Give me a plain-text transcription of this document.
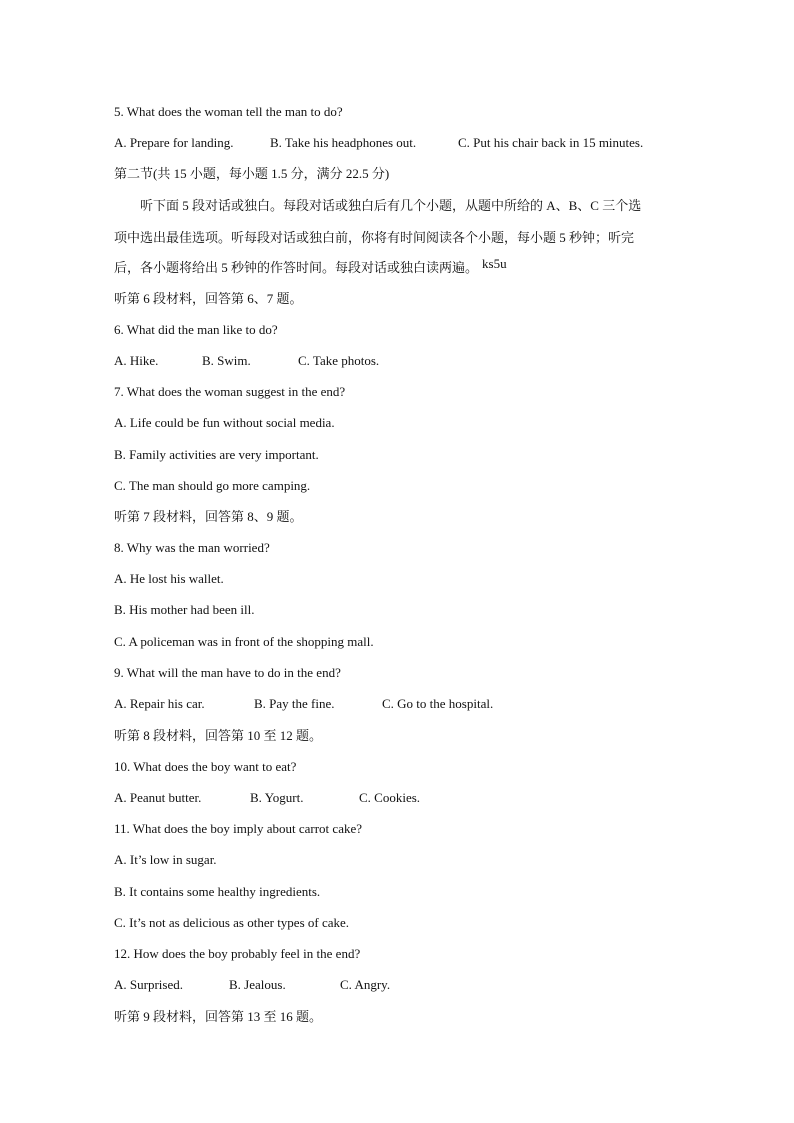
5. What does the woman tell the man to do?
A. Prepare for landing.	B. Take his headphones out.	C. Put his chair back in 15 minutes.
第二节(共 15 小题，每小题 1.5 分，满分 22.5 分)
听下面 5 段对话或独白。每段对话或独白后有几个小题，从题中所给的 A、B、C 三个选
项中选出最佳选项。听每段对话或独白前，你将有时间阅读各个小题，每小题 5 秒钟；听完
后，各小题将给出 5 秒钟的作答时间。每段对话或独白读两遍。 ks5u
听第 6 段材料，回答第 6、7 题。
6. What did the man like to do?
A. Hike.	B. Swim.	C. Take photos.
7. What does the woman suggest in the end?
A. Life could be fun without social media.
B. Family activities are very important.
C. The man should go more camping.
听第 7 段材料，回答第 8、9 题。
8. Why was the man worried?
A. He lost his wallet.
B. His mother had been ill.
C. A policeman was in front of the shopping mall.
9. What will the man have to do in the end?
A. Repair his car.	B. Pay the fine.	C. Go to the hospital.
听第 8 段材料，回答第 10 至 12 题。
10. What does the boy want to eat?
A. Peanut butter.	B. Yogurt.	C. Cookies.
11. What does the boy imply about carrot cake?
A. It’s low in sugar.
B. It contains some healthy ingredients.
C. It’s not as delicious as other types of cake.
12. How does the boy probably feel in the end?
A. Surprised.	B. Jealous.	C. Angry.
听第 9 段材料，回答第 13 至 16 题。
